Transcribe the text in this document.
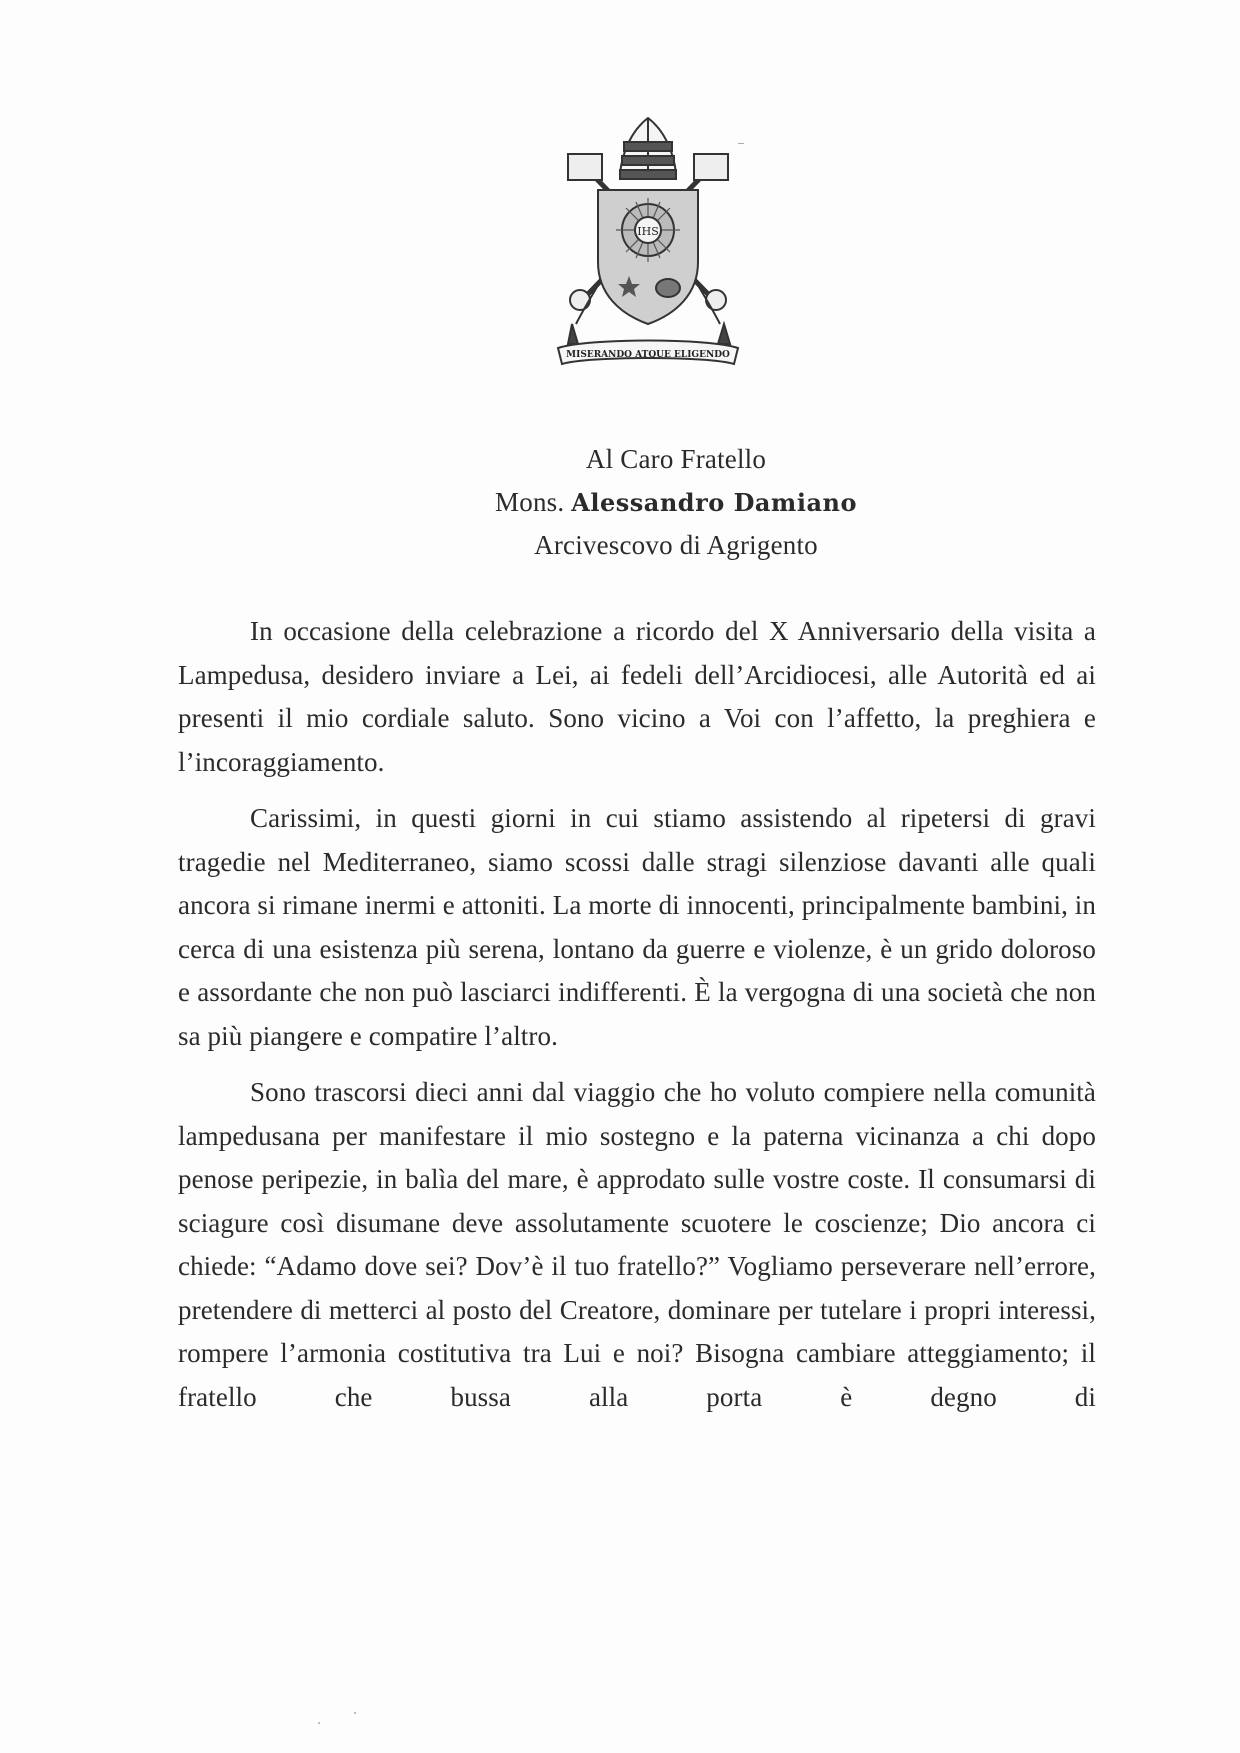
IHS
MISERANDO ATQUE ELIGENDO
Al Caro Fratello
Mons. Alessandro Damiano
Arcivescovo di Agrigento

In occasione della celebrazione a ricordo del X Anniversario della visita a Lampedusa, desidero inviare a Lei, ai fedeli dell’Arcidiocesi, alle Autorità ed ai presenti il mio cordiale saluto. Sono vicino a Voi con l’affetto, la preghiera e l’incoraggiamento.

Carissimi, in questi giorni in cui stiamo assistendo al ripetersi di gravi tragedie nel Mediterraneo, siamo scossi dalle stragi silenziose davanti alle quali ancora si rimane inermi e attoniti. La morte di innocenti, principalmente bambini, in cerca di una esistenza più serena, lontano da guerre e violenze, è un grido doloroso e assordante che non può lasciarci indifferenti. È la vergogna di una società che non sa più piangere e compatire l’altro.

Sono trascorsi dieci anni dal viaggio che ho voluto compiere nella comunità lampedusana per manifestare il mio sostegno e la paterna vicinanza a chi dopo penose peripezie, in balìa del mare, è approdato sulle vostre coste. Il consumarsi di sciagure così disumane deve assolutamente scuotere le coscienze; Dio ancora ci chiede: “Adamo dove sei? Dov’è il tuo fratello?” Vogliamo perseverare nell’errore, pretendere di metterci al posto del Creatore, dominare per tutelare i propri interessi, rompere l’armonia costitutiva tra Lui e noi? Bisogna cambiare atteggiamento; il fratello che bussa alla porta è degno di
